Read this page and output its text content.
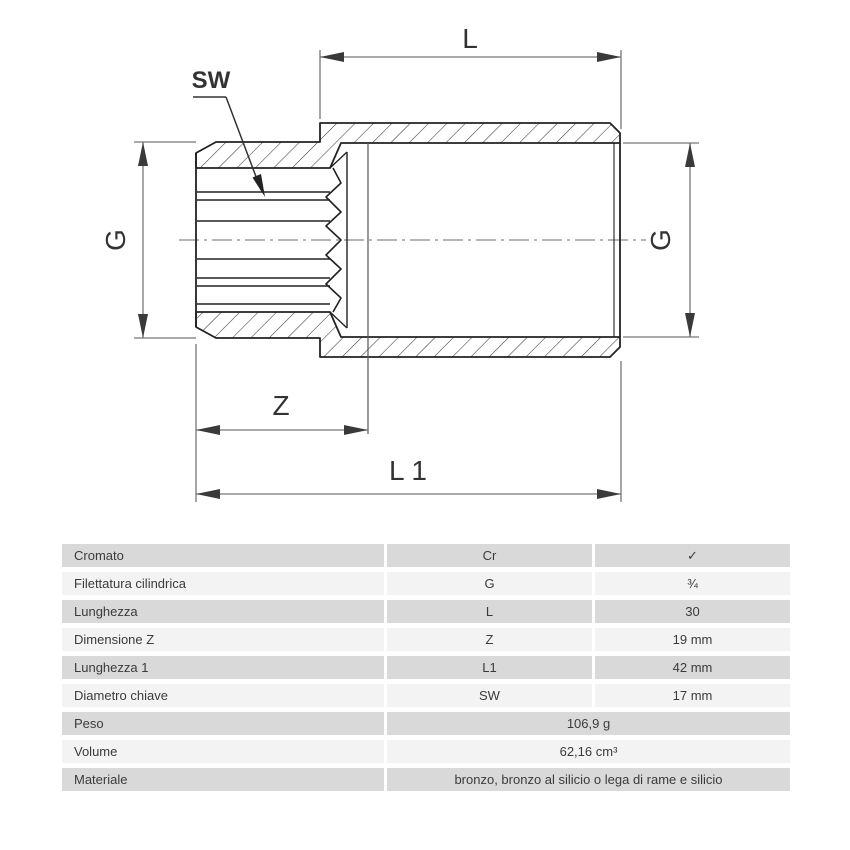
L
SW
G	G
Z
L 1
Cromato	Cr	✓
Filettatura cilindrica	G	¾
Lunghezza	L	30
Dimensione Z	Z	19 mm
Lunghezza 1	L1	42 mm
Diametro chiave	SW	17 mm
Peso	106,9 g
Volume	62,16 cm³
Materiale	bronzo, bronzo al silicio o lega di rame e silicio
